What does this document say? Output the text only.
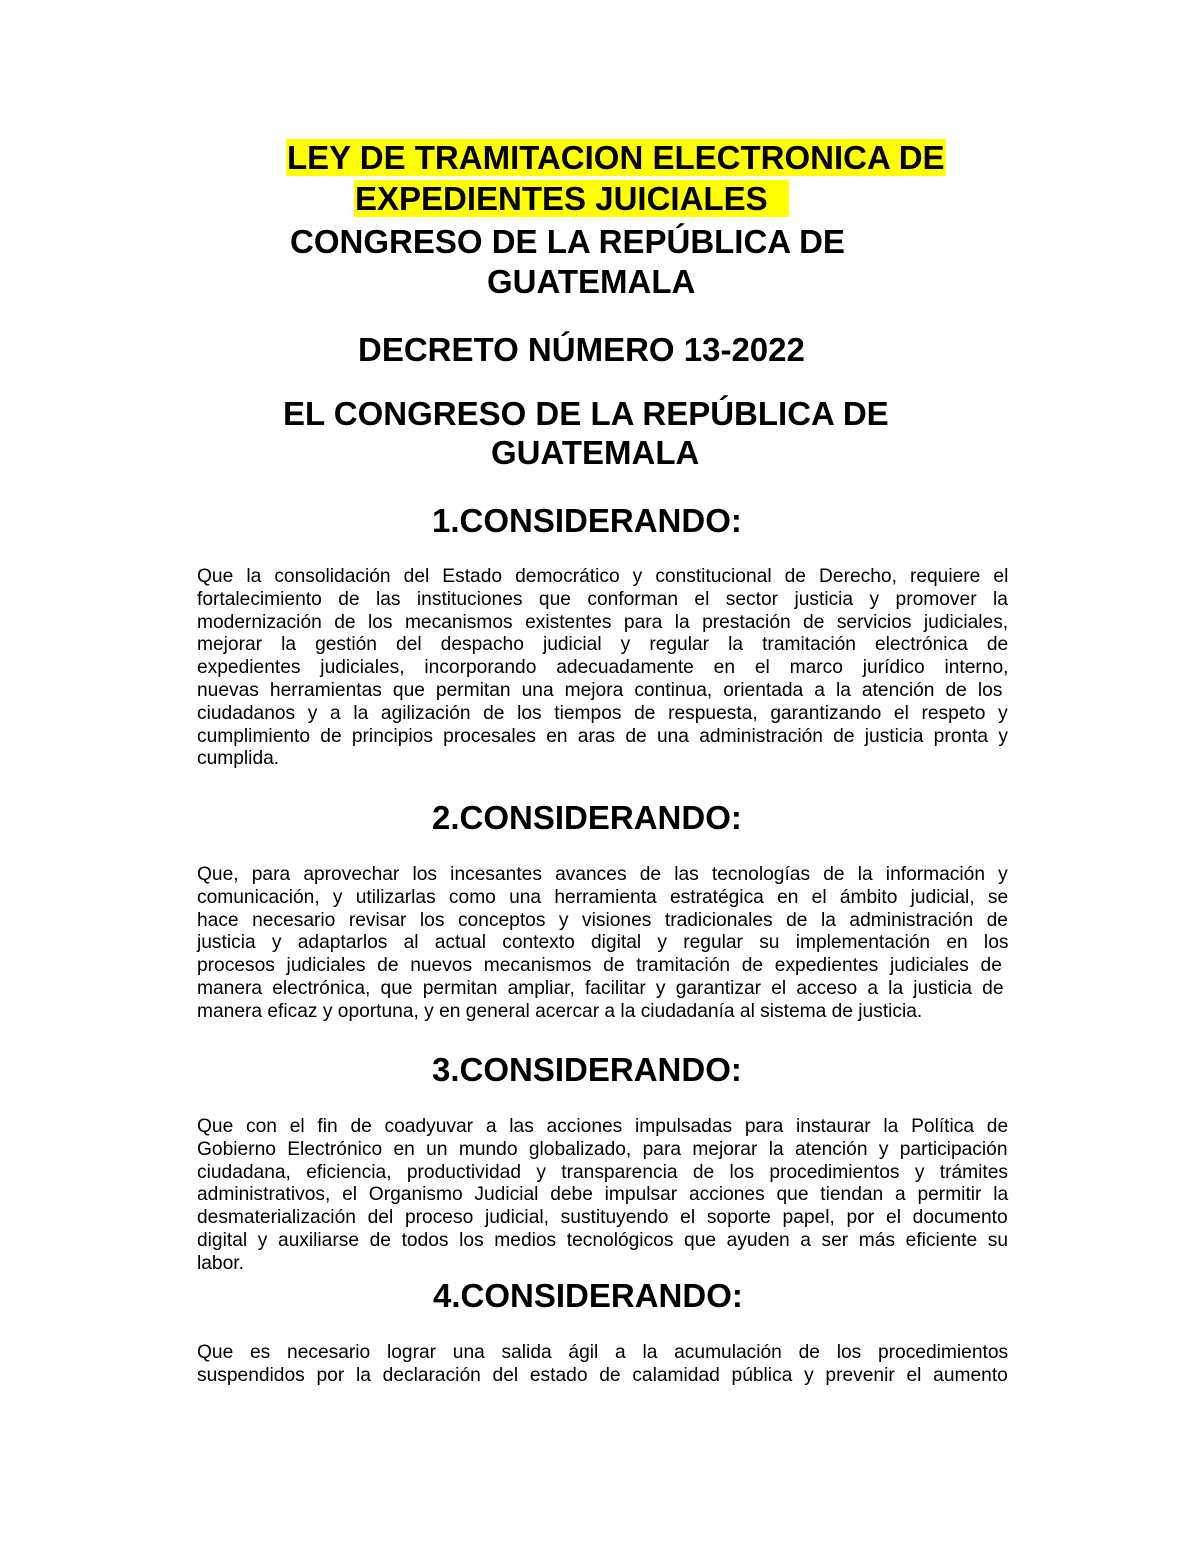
LEY DE TRAMITACION ELECTRONICA DE
EXPEDIENTES JUICIALES
CONGRESO DE LA REPÚBLICA DE
GUATEMALA
DECRETO NÚMERO 13-2022
EL CONGRESO DE LA REPÚBLICA DE
GUATEMALA
1.CONSIDERANDO:
Que la consolidación del Estado democrático y constitucional de Derecho, requiere el
fortalecimiento de las instituciones que conforman el sector justicia y promover la
modernización de los mecanismos existentes para la prestación de servicios judiciales,
mejorar la gestión del despacho judicial y regular la tramitación electrónica de
expedientes judiciales, incorporando adecuadamente en el marco jurídico interno,
nuevas herramientas que permitan una mejora continua, orientada a la atención de los
ciudadanos y a la agilización de los tiempos de respuesta, garantizando el respeto y
cumplimiento de principios procesales en aras de una administración de justicia pronta y
cumplida.
2.CONSIDERANDO:
Que, para aprovechar los incesantes avances de las tecnologías de la información y
comunicación, y utilizarlas como una herramienta estratégica en el ámbito judicial, se
hace necesario revisar los conceptos y visiones tradicionales de la administración de
justicia y adaptarlos al actual contexto digital y regular su implementación en los
procesos judiciales de nuevos mecanismos de tramitación de expedientes judiciales de
manera electrónica, que permitan ampliar, facilitar y garantizar el acceso a la justicia de
manera eficaz y oportuna, y en general acercar a la ciudadanía al sistema de justicia.
3.CONSIDERANDO:
Que con el fin de coadyuvar a las acciones impulsadas para instaurar la Política de
Gobierno Electrónico en un mundo globalizado, para mejorar la atención y participación
ciudadana, eficiencia, productividad y transparencia de los procedimientos y trámites
administrativos, el Organismo Judicial debe impulsar acciones que tiendan a permitir la
desmaterialización del proceso judicial, sustituyendo el soporte papel, por el documento
digital y auxiliarse de todos los medios tecnológicos que ayuden a ser más eficiente su
labor.
4.CONSIDERANDO:
Que es necesario lograr una salida ágil a la acumulación de los procedimientos
suspendidos por la declaración del estado de calamidad pública y prevenir el aumento
